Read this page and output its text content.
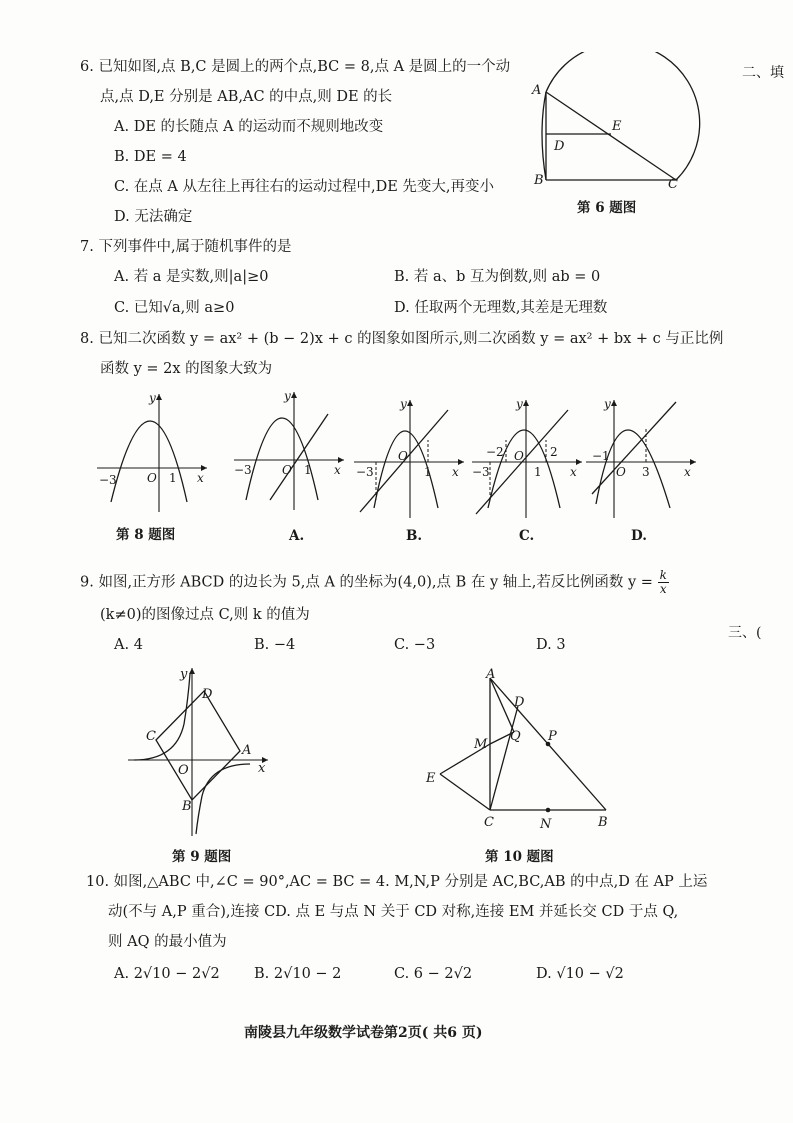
二、填
三、(
6. 已知如图,点 B,C 是圆上的两个点,BC = 8,点 A 是圆上的一个动
点,点 D,E 分别是 AB,AC 的中点,则 DE 的长
A. DE 的长随点 A 的运动而不规则地改变
B. DE = 4
C. 在点 A 从左往上再往右的运动过程中,DE 先变大,再变小
D. 无法确定
A
D
E
B	C
第 6 题图
7. 下列事件中,属于随机事件的是
A. 若 a 是实数,则|a|≥0	B. 若 a、b 互为倒数,则 ab = 0
C. 已知√a,则 a≥0	D. 任取两个无理数,其差是无理数
8. 已知二次函数 y = ax² + (b − 2)x + c 的图象如图所示,则二次函数 y = ax² + bx + c 与正比例
函数 y = 2x 的图象大致为
−3	O 1 x
y
第 8 题图
−3	O 1 x
y
A.
−3
O
1 x
y
B.
−2	2
−3
O
1 x
y
C.
−1
O 3	x
y
D.
9. 如图,正方形 ABCD 的边长为 5,点 A 的坐标为(4,0),点 B 在 y 轴上,若反比例函数 $y = \frac{k}{x}$
(k≠0)的图像过点 C,则 k 的值为
A. 4	B. −4	C. −3	D. 3
y
x
O
A
B
C
D
第 9 题图
A
D
M
Q P
E
C	N	B
第 10 题图
10. 如图,△ABC 中,∠C = 90°,AC = BC = 4. M,N,P 分别是 AC,BC,AB 的中点,D 在 AP 上运
动(不与 A,P 重合),连接 CD. 点 E 与点 N 关于 CD 对称,连接 EM 并延长交 CD 于点 Q,
则 AQ 的最小值为
A. 2√10 − 2√2 B. 2√10 − 2	C. 6 − 2√2	D. √10 − √2
南陵县九年级数学试卷第2页( 共6 页)
